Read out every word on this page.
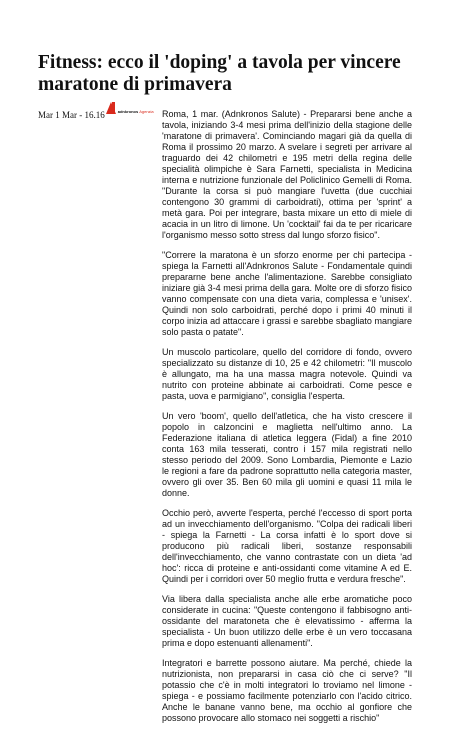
Fitness: ecco il 'doping' a tavola per vincere maratone di primavera
Mar 1 Mar - 16.16	adnkronos Agenzia Roma, 1 mar. (Adnkronos Salute) - Prepararsi bene anche a tavola, iniziando 3-4 mesi prima dell'inizio della stagione delle 'maratone di primavera'. Cominciando magari già da quella di Roma il prossimo 20 marzo. A svelare i segreti per arrivare al traguardo dei 42 chilometri e 195 metri della regina delle specialità olimpiche è Sara Farnetti, specialista in Medicina interna e nutrizione funzionale del Policlinico Gemelli di Roma. "Durante la corsa si può mangiare l'uvetta (due cucchiai contengono 30 grammi di carboidrati), ottima per 'sprint' a metà gara. Poi per integrare, basta mixare un etto di miele di acacia in un litro di limone. Un 'cocktail' fai da te per ricaricare l'organismo messo sotto stress dal lungo sforzo fisico".

"Correre la maratona è un sforzo enorme per chi partecipa - spiega la Farnetti all'Adnkronos Salute - Fondamentale quindi prepararne bene anche l'alimentazione. Sarebbe consigliato iniziare già 3-4 mesi prima della gara. Molte ore di sforzo fisico vanno compensate con una dieta varia, complessa e 'unisex'. Quindi non solo carboidrati, perché dopo i primi 40 minuti il corpo inizia ad attaccare i grassi e sarebbe sbagliato mangiare solo pasta o patate".

Un muscolo particolare, quello del corridore di fondo, ovvero specializzato su distanze di 10, 25 e 42 chilometri: "Il muscolo è allungato, ma ha una massa magra notevole. Quindi va nutrito con proteine abbinate ai carboidrati. Come pesce e pasta, uova e parmigiano", consiglia l'esperta.

Un vero 'boom', quello dell'atletica, che ha visto crescere il popolo in calzoncini e maglietta nell'ultimo anno. La Federazione italiana di atletica leggera (Fidal) a fine 2010 conta 163 mila tesserati, contro i 157 mila registrati nello stesso periodo del 2009. Sono Lombardia, Piemonte e Lazio le regioni a fare da padrone soprattutto nella categoria master, ovvero gli over 35. Ben 60 mila gli uomini e quasi 11 mila le donne.

Occhio però, avverte l'esperta, perché l'eccesso di sport porta ad un invecchiamento dell'organismo. "Colpa dei radicali liberi - spiega la Farnetti - La corsa infatti è lo sport dove si producono più radicali liberi, sostanze responsabili dell'invecchiamento, che vanno contrastate con un dieta 'ad hoc': ricca di proteine e anti-ossidanti come vitamine A ed E. Quindi per i corridori over 50 meglio frutta e verdura fresche".

Via libera dalla specialista anche alle erbe aromatiche poco considerate in cucina: "Queste contengono il fabbisogno anti-ossidante del maratoneta che è elevatissimo - afferma la specialista - Un buon utilizzo delle erbe è un vero toccasana prima e dopo estenuanti allenamenti".

Integratori e barrette possono aiutare. Ma perché, chiede la nutrizionista, non prepararsi in casa ciò che ci serve? "Il potassio che c'è in molti integratori lo troviamo nel limone - spiega - e possiamo facilmente potenziarlo con l'acido citrico. Anche le banane vanno bene, ma occhio al gonfiore che possono provocare allo stomaco nei soggetti a rischio"
